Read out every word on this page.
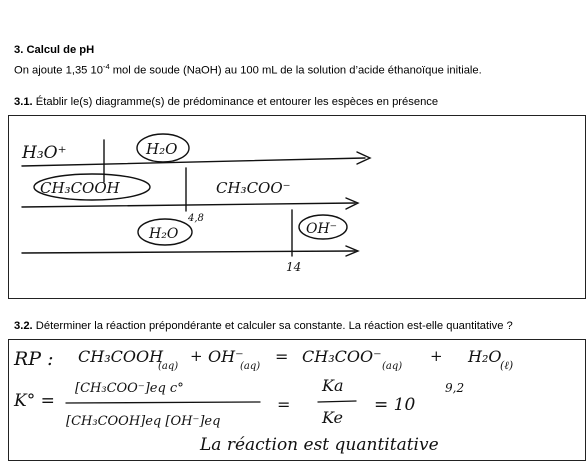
3. Calcul de pH
On ajoute 1,35 $10^{-4}$ mol de soude (NaOH) au 100 mL de la solution d’acide éthanoïque initiale.
3.1. Établir le(s) diagramme(s) de prédominance et entourer les espèces en présence
3.2. Déterminer la réaction prépondérante et calculer sa constante. La réaction est-elle quantitative ?
H₃O⁺	H₂O
CH₃COOH	CH₃COO⁻
H₂O	OH⁻
4,8
14
RP : CH₃COOH
(aq)
+ OH⁻
(aq)
= CH₃COO⁻
(aq)
+ H₂O
(ℓ)
K° =
[CH₃COO⁻]eq c°
[CH₃COOH]eq [OH⁻]eq
=
Ka
Ke
= 10
9,2
La réaction est quantitative
